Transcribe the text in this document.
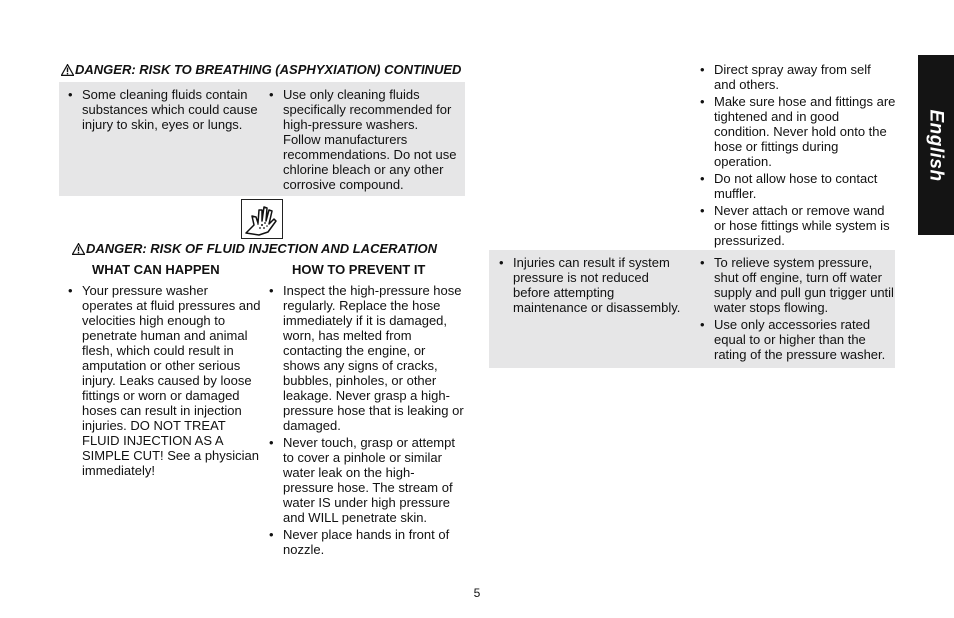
DANGER: RISK TO BREATHING (ASPHYXIATION) CONTINUED
• Some cleaning fluids contain substances which could cause injury to skin, eyes or lungs.
• Use only cleaning fluids specifically recommended for high-pressure washers. Follow manufacturers recommendations. Do not use chlorine bleach or any other corrosive compound.
DANGER: RISK OF FLUID INJECTION AND LACERATION
WHAT CAN HAPPEN	HOW TO PREVENT IT
• Your pressure washer operates at fluid pressures and velocities high enough to penetrate human and animal flesh, which could result in amputation or other serious injury. Leaks caused by loose fittings or worn or damaged hoses can result in injection injuries. DO NOT TREAT FLUID INJECTION AS A SIMPLE CUT! See a physician immediately!
• Inspect the high-pressure hose regularly. Replace the hose immediately if it is damaged, worn, has melted from contacting the engine, or shows any signs of cracks, bubbles, pinholes, or other leakage. Never grasp a high-pressure hose that is leaking or damaged.
• Never touch, grasp or attempt to cover a pinhole or similar water leak on the high-pressure hose. The stream of water IS under high pressure and WILL penetrate skin.
• Never place hands in front of nozzle.
• Direct spray away from self and others.
• Make sure hose and fittings are tightened and in good condition. Never hold onto the hose or fittings during operation.
• Do not allow hose to contact muffler.
• Never attach or remove wand or hose fittings while system is pressurized.
• Injuries can result if system pressure is not reduced before attempting maintenance or disassembly.
• To relieve system pressure, shut off engine, turn off water supply and pull gun trigger until water stops flowing.
• Use only accessories rated equal to or higher than the rating of the pressure washer.
English
5
